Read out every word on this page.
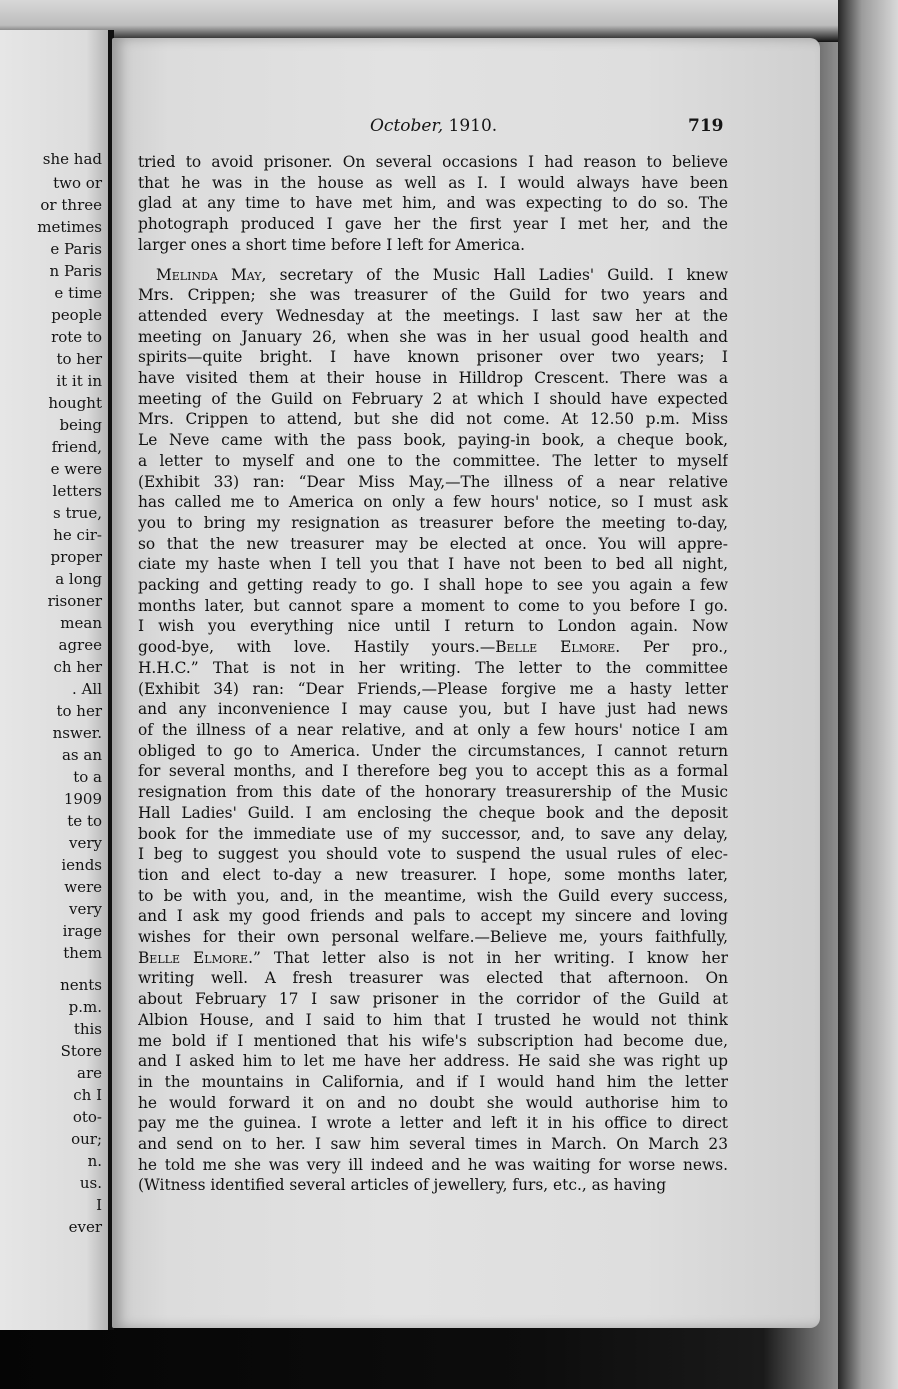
she had
two or
or three
metimes
e Paris
n Paris
e time
people
rote to
to her
it it in
hought
being
friend,
e were
letters
s true,
he cir-
proper
a long
risoner
mean
agree
ch her
. All
to her
nswer.
as an
to a
1909
te to
very
iends
were
very
irage
them
nents
p.m.
this
Store
are
ch I
oto-
our;
n.
us.
I
ever
October, 1910.	719
tried to avoid prisoner. On several occasions I had reason to believe
that he was in the house as well as I. I would always have been
glad at any time to have met him, and was expecting to do so. The
photograph produced I gave her the first year I met her, and the
larger ones a short time before I left for America.
Melinda May, secretary of the Music Hall Ladies' Guild. I knew
Mrs. Crippen; she was treasurer of the Guild for two years and
attended every Wednesday at the meetings. I last saw her at the
meeting on January 26, when she was in her usual good health and
spirits—quite bright. I have known prisoner over two years; I
have visited them at their house in Hilldrop Crescent. There was a
meeting of the Guild on February 2 at which I should have expected
Mrs. Crippen to attend, but she did not come. At 12.50 p.m. Miss
Le Neve came with the pass book, paying-in book, a cheque book,
a letter to myself and one to the committee. The letter to myself
(Exhibit 33) ran: “Dear Miss May,—The illness of a near relative
has called me to America on only a few hours' notice, so I must ask
you to bring my resignation as treasurer before the meeting to-day,
so that the new treasurer may be elected at once. You will appre-
ciate my haste when I tell you that I have not been to bed all night,
packing and getting ready to go. I shall hope to see you again a few
months later, but cannot spare a moment to come to you before I go.
I wish you everything nice until I return to London again. Now
good-bye, with love. Hastily yours.—Belle Elmore. Per pro.,
H.H.C.” That is not in her writing. The letter to the committee
(Exhibit 34) ran: “Dear Friends,—Please forgive me a hasty letter
and any inconvenience I may cause you, but I have just had news
of the illness of a near relative, and at only a few hours' notice I am
obliged to go to America. Under the circumstances, I cannot return
for several months, and I therefore beg you to accept this as a formal
resignation from this date of the honorary treasurership of the Music
Hall Ladies' Guild. I am enclosing the cheque book and the deposit
book for the immediate use of my successor, and, to save any delay,
I beg to suggest you should vote to suspend the usual rules of elec-
tion and elect to-day a new treasurer. I hope, some months later,
to be with you, and, in the meantime, wish the Guild every success,
and I ask my good friends and pals to accept my sincere and loving
wishes for their own personal welfare.—Believe me, yours faithfully,
Belle Elmore.” That letter also is not in her writing. I know her
writing well. A fresh treasurer was elected that afternoon. On
about February 17 I saw prisoner in the corridor of the Guild at
Albion House, and I said to him that I trusted he would not think
me bold if I mentioned that his wife's subscription had become due,
and I asked him to let me have her address. He said she was right up
in the mountains in California, and if I would hand him the letter
he would forward it on and no doubt she would authorise him to
pay me the guinea. I wrote a letter and left it in his office to direct
and send on to her. I saw him several times in March. On March 23
he told me she was very ill indeed and he was waiting for worse news.
(Witness identified several articles of jewellery, furs, etc., as having
